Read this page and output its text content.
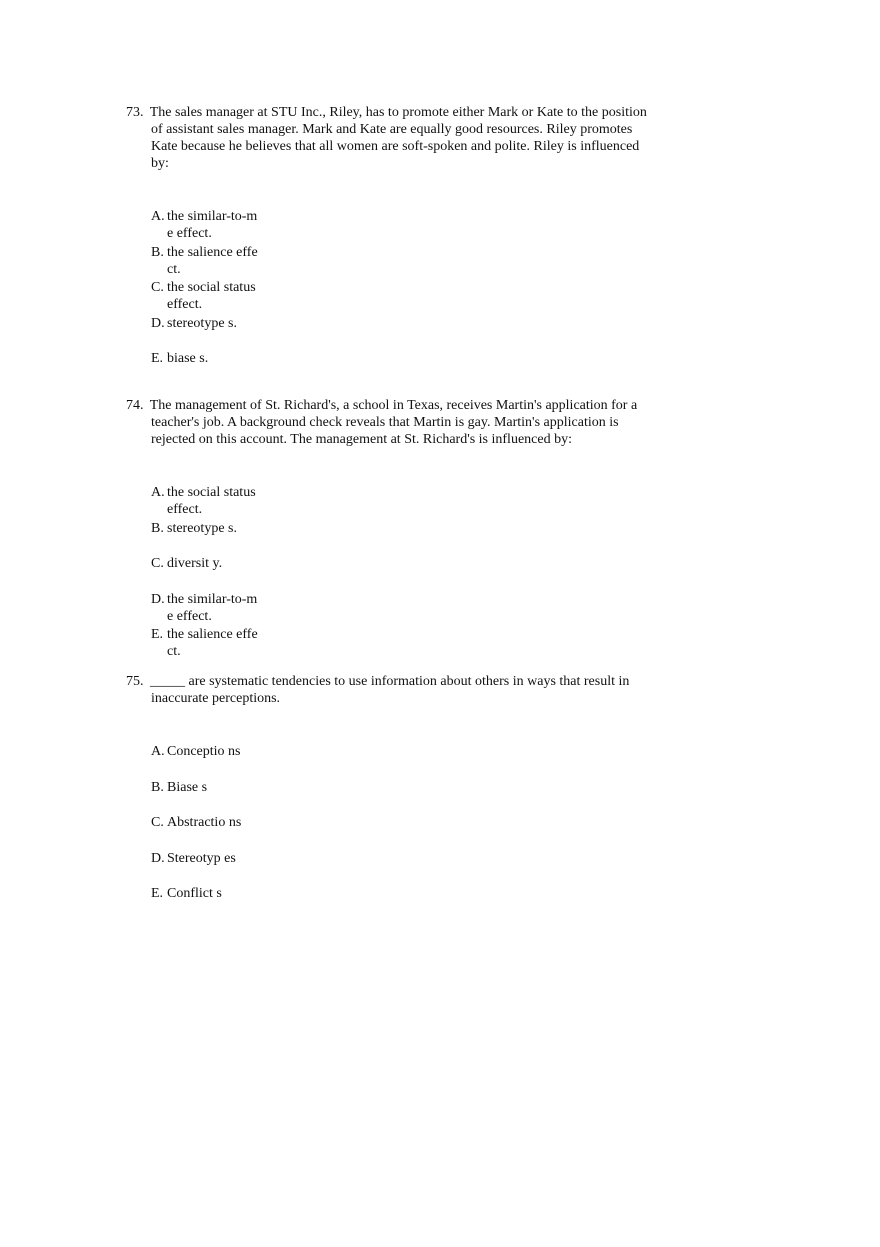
73. The sales manager at STU Inc., Riley, has to promote either Mark or Kate to the position of assistant sales manager. Mark and Kate are equally good resources. Riley promotes Kate because he believes that all women are soft-spoken and polite. Riley is influenced by:

A. the similar-to-me effect.
B. the salience effect.
C. the social status effect.
D. stereotype s.
E. biase s.

74. The management of St. Richard's, a school in Texas, receives Martin's application for a teacher's job. A background check reveals that Martin is gay. Martin's application is rejected on this account. The management at St. Richard's is influenced by:

A. the social status effect.
B. stereotype s.
C. diversit y.
D. the similar-to-me effect.
E. the salience effect.

75. _____ are systematic tendencies to use information about others in ways that result in inaccurate perceptions.

A. Conceptio ns
B. Biase s
C. Abstractio ns
D. Stereotyp es
E. Conflict s
